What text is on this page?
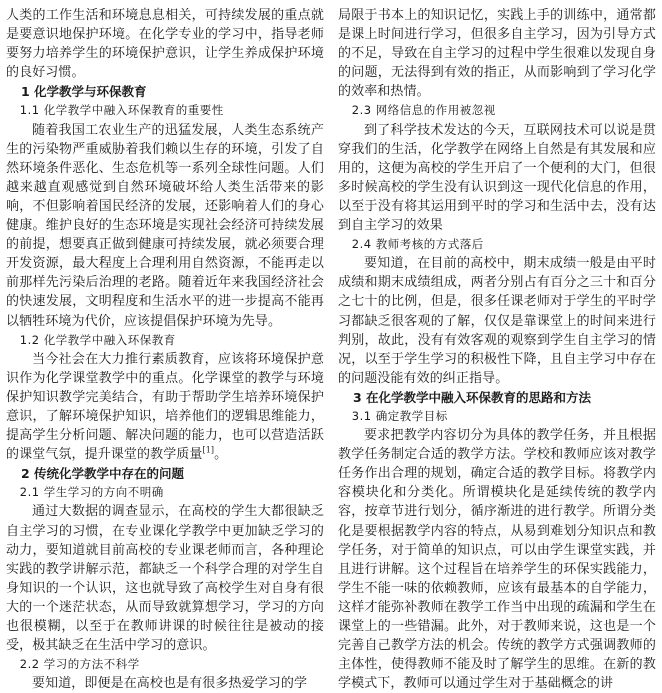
人类的工作生活和环境息息相关，可持续发展的重点就是要意识地保护环境。在化学专业的学习中，指导老师要努力培养学生的环境保护意识，让学生养成保护环境的良好习惯。

1 化学教学与环保教育
1.1 化学教学中融入环保教育的重要性

随着我国工农业生产的迅猛发展，人类生态系统产生的污染物严重威胁着我们赖以生存的环境，引发了自然环境条件恶化、生态危机等一系列全球性问题。人们越来越直观感觉到自然环境破坏给人类生活带来的影响，不但影响着国民经济的发展，还影响着人们的身心健康。维护良好的生态环境是实现社会经济可持续发展的前提，想要真正做到健康可持续发展，就必须要合理开发资源，最大程度上合理利用自然资源，不能再走以前那样先污染后治理的老路。随着近年来我国经济社会的快速发展，文明程度和生活水平的进一步提高不能再以牺牲环境为代价，应该提倡保护环境为先导。

1.2 化学教学中融入环保教育

当今社会在大力推行素质教育，应该将环境保护意识作为化学课堂教学中的重点。化学课堂的教学与环境保护知识教学完美结合，有助于帮助学生培养环境保护意识，了解环境保护知识，培养他们的逻辑思维能力，提高学生分析问题、解决问题的能力，也可以营造活跃的课堂气氛，提升课堂的教学质量[1]。

2 传统化学教学中存在的问题
2.1 学生学习的方向不明确

通过大数据的调查显示，在高校的学生大都很缺乏自主学习的习惯，在专业课化学教学中更加缺乏学习的动力，要知道就目前高校的专业课老师而言，各种理论实践的教学讲解示范，都缺乏一个科学合理的对学生自身知识的一个认识，这也就导致了高校学生对自身有很大的一个迷茫状态，从而导致就算想学习，学习的方向也很模糊，以至于在教师讲课的时候往往是被动的接受，极其缺乏在生活中学习的意识。

2.2 学习的方法不科学

要知道，即便是在高校也是有很多热爱学习的学

局限于书本上的知识记忆，实践上手的训练中，通常都是课上时间进行学习，但很多自主学习，因为引导方式的不足，导致在自主学习的过程中学生很难以发现自身的问题，无法得到有效的指正，从而影响到了学习化学的效率和热情。

2.3 网络信息的作用被忽视

到了科学技术发达的今天，互联网技术可以说是贯穿我们的生活，化学教学在网络上自然是有其发展和应用的，这便为高校的学生开启了一个便利的大门，但很多时候高校的学生没有认识到这一现代化信息的作用，以至于没有将其运用到平时的学习和生活中去，没有达到自主学习的效果

2.4 教师考核的方式落后

要知道，在目前的高校中，期末成绩一般是由平时成绩和期末成绩组成，两者分别占有百分之三十和百分之七十的比例，但是，很多任课老师对于学生的平时学习都缺乏很客观的了解，仅仅是靠课堂上的时间来进行判别，故此，没有有效客观的观察到学生自主学习的情况，以至于学生学习的积极性下降，且自主学习中存在的问题没能有效的纠正指导。

3 在化学教学中融入环保教育的思路和方法
3.1 确定教学目标

要求把教学内容切分为具体的教学任务，并且根据教学任务制定合适的教学方法。学校和教师应该对教学任务作出合理的规划，确定合适的教学目标。将教学内容模块化和分类化。所谓模块化是延续传统的教学内容，按章节进行划分，循序渐进的进行教学。所谓分类化是要根据教学内容的特点，从易到难划分知识点和教学任务，对于简单的知识点，可以由学生课堂实践，并且进行讲解。这个过程旨在培养学生的环保实践能力，学生不能一味的依赖教师，应该有最基本的自学能力，这样才能弥补教师在教学工作当中出现的疏漏和学生在课堂上的一些错漏。此外，对于教师来说，这也是一个完善自己教学方法的机会。传统的教学方式强调教师的主体性，使得教师不能及时了解学生的思维。在新的教学模式下，教师可以通过学生对于基础概念的讲
